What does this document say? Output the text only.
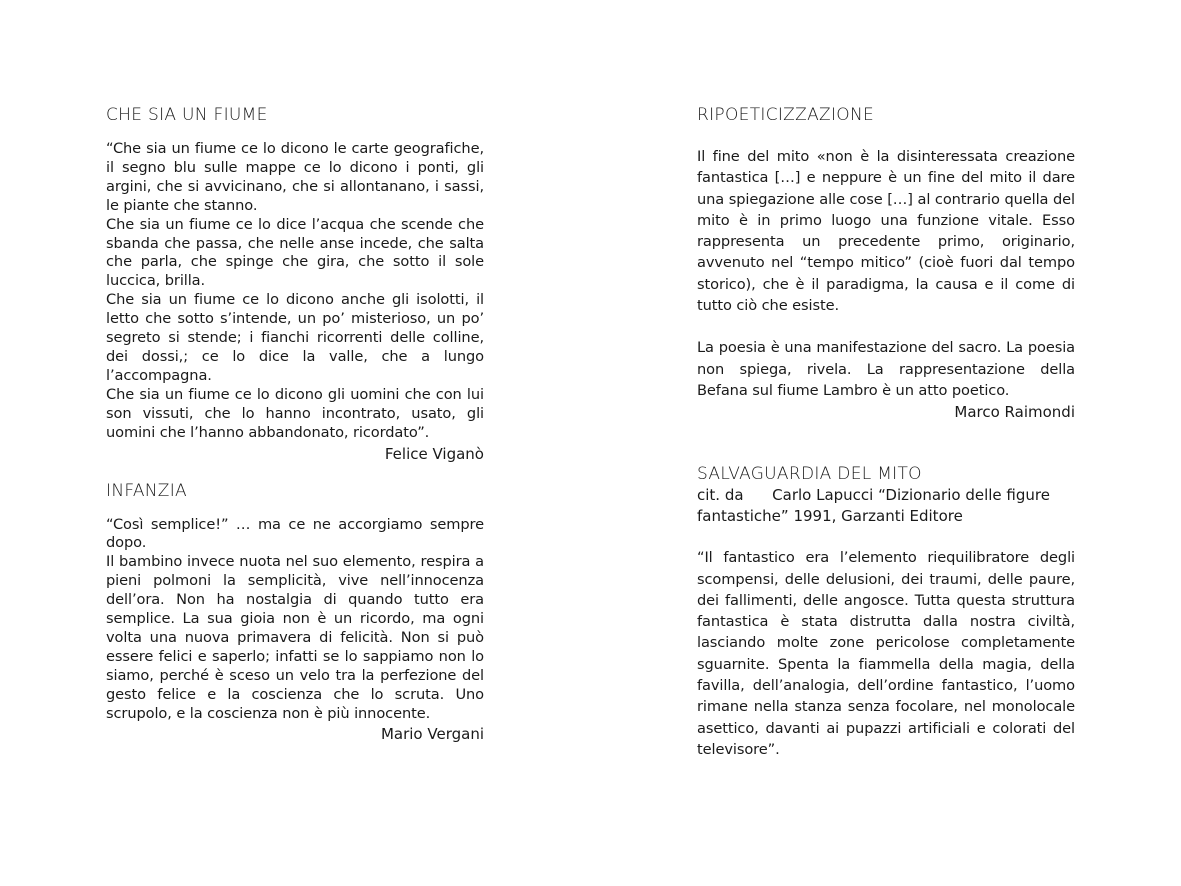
CHE SIA UN FIUME

“Che sia un fiume ce lo dicono le carte geografiche, il segno blu sulle mappe ce lo dicono i ponti, gli argini, che si avvicinano, che si allontanano, i sassi, le piante che stanno.

Che sia un fiume ce lo dice l’acqua che scende che sbanda che passa, che nelle anse incede, che salta che parla, che spinge che gira, che sotto il sole luccica, brilla.

Che sia un fiume ce lo dicono anche gli isolotti, il letto che sotto s’intende, un po’ misterioso, un po’ segreto si stende; i fianchi ricorrenti delle colline, dei dossi,; ce lo dice la valle, che a lungo l’accompagna.

Che sia un fiume ce lo dicono gli uomini che con lui son vissuti, che lo hanno incontrato, usato, gli uomini che l’hanno abbandonato, ricordato”.

Felice Viganò

INFANZIA

“Così semplice!” … ma ce ne accorgiamo sempre dopo.

Il bambino invece nuota nel suo elemento, respira a pieni polmoni la semplicità, vive nell’innocenza dell’ora. Non ha nostalgia di quando tutto era semplice. La sua gioia non è un ricordo, ma ogni volta una nuova primavera di felicità. Non si può essere felici e saperlo; infatti se lo sappiamo non lo siamo, perché è sceso un velo tra la perfezione del gesto felice e la coscienza che lo scruta. Uno scrupolo, e la coscienza non è più innocente.

Mario Vergani

RIPOETICIZZAZIONE

Il fine del mito «non è la disinteressata creazione fantastica […] e neppure è un fine del mito il dare una spiegazione alle cose […] al contrario quella del mito è in primo luogo una funzione vitale. Esso rappresenta un precedente primo, originario, avvenuto nel “tempo mitico” (cioè fuori dal tempo storico), che è il paradigma, la causa e il come di tutto ciò che esiste.

La poesia è una manifestazione del sacro. La poesia non spiega, rivela. La rappresentazione della Befana sul fiume Lambro è un atto poetico.

Marco Raimondi

SALVAGUARDIA DEL MITO

cit. da      Carlo Lapucci “Dizionario delle figure

fantastiche” 1991, Garzanti Editore

“Il fantastico era l’elemento riequilibratore degli scompensi, delle delusioni, dei traumi, delle paure, dei fallimenti, delle angosce. Tutta questa struttura fantastica è stata distrutta dalla nostra civiltà, lasciando molte zone pericolose completamente sguarnite. Spenta la fiammella della magia, della favilla, dell’analogia, dell’ordine fantastico, l’uomo rimane nella stanza senza focolare, nel monolocale asettico, davanti ai pupazzi artificiali e colorati del televisore”.
